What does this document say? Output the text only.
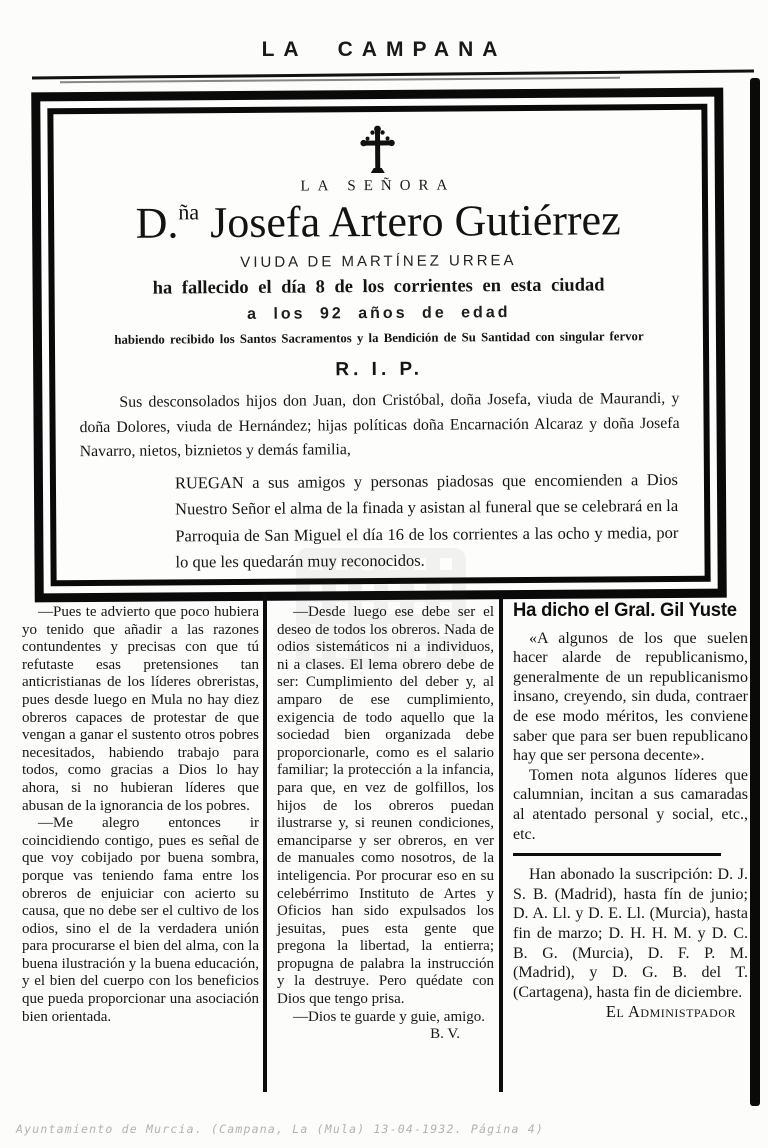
LA CAMPANA
LA SEÑORA
D.$^{ña}$ Josefa Artero Gutiérrez
VIUDA DE MARTÍNEZ URREA
ha fallecido el día 8 de los corrientes en esta ciudad
a los 92 años de edad
habiendo recibido los Santos Sacramentos y la Bendición de Su Santidad con singular fervor
R. I. P.
Sus desconsolados hijos don Juan, don Cristóbal, doña Josefa, viuda de Maurandi, y doña Dolores, viuda de Hernández; hijas políticas doña Encarnación Alcaraz y doña Josefa Navarro, nietos, biznietos y demás familia,
RUEGAN a sus amigos y personas piadosas que encomienden a Dios Nuestro Señor el alma de la finada y asistan al funeral que se celebrará en la Parroquia de San Miguel el día 16 de los corrientes a las ocho y media, por lo que les quedarán muy reconocidos.

—Pues te advierto que poco hubiera yo tenido que añadir a las razones contundentes y precisas con que tú refutaste esas pretensiones tan anticristianas de los líderes obreristas, pues desde luego en Mula no hay diez obreros capaces de protestar de que vengan a ganar el sustento otros pobres necesitados, habiendo trabajo para todos, como gracias a Dios lo hay ahora, si no hubieran líderes que abusan de la ignorancia de los pobres.

—Me alegro entonces ir coincidiendo contigo, pues es señal de que voy cobijado por buena sombra, porque vas teniendo fama entre los obreros de enjuiciar con acierto su causa, que no debe ser el cultivo de los odios, sino el de la verdadera unión para procurarse el bien del alma, con la buena ilustración y la buena educación, y el bien del cuerpo con los beneficios que pueda proporcionar una asociación bien orientada.

—Desde luego ese debe ser el deseo de todos los obreros. Nada de odios sistemáticos ni a individuos, ni a clases. El lema obrero debe de ser: Cumplimiento del deber y, al amparo de ese cumplimiento, exigencia de todo aquello que la sociedad bien organizada debe proporcionarle, como es el salario familiar; la protección a la infancia, para que, en vez de golfillos, los hijos de los obreros puedan ilustrarse y, si reunen condiciones, emanciparse y ser obreros, en ver de manuales como nosotros, de la inteligencia. Por procurar eso en su celebérrimo Instituto de Artes y Oficios han sido expulsados los jesuitas, pues esta gente que pregona la libertad, la entierra; propugna de palabra la instrucción y la destruye. Pero quédate con Dios que tengo prisa.

—Dios te guarde y guie, amigo.

B. V.

Ha dicho el Gral. Gil Yuste

«A algunos de los que suelen hacer alarde de republicanismo, generalmente de un republicanismo insano, creyendo, sin duda, contraer de ese modo méritos, les conviene saber que para ser buen republicano hay que ser persona decente».

Tomen nota algunos líderes que calumnian, incitan a sus camaradas al atentado personal y social, etc., etc.

Han abonado la suscripción: D. J. S. B. (Madrid), hasta fín de junio; D. A. Ll. y D. E. Ll. (Murcia), hasta fin de marzo; D. H. H. M. y D. C. B. G. (Murcia), D. F. P. M. (Madrid), y D. G. B. del T. (Cartagena), hasta fin de diciembre.

El Administpador

Ayuntamiento de Murcia. (Campana, La (Mula) 13-04-1932. Página 4)
